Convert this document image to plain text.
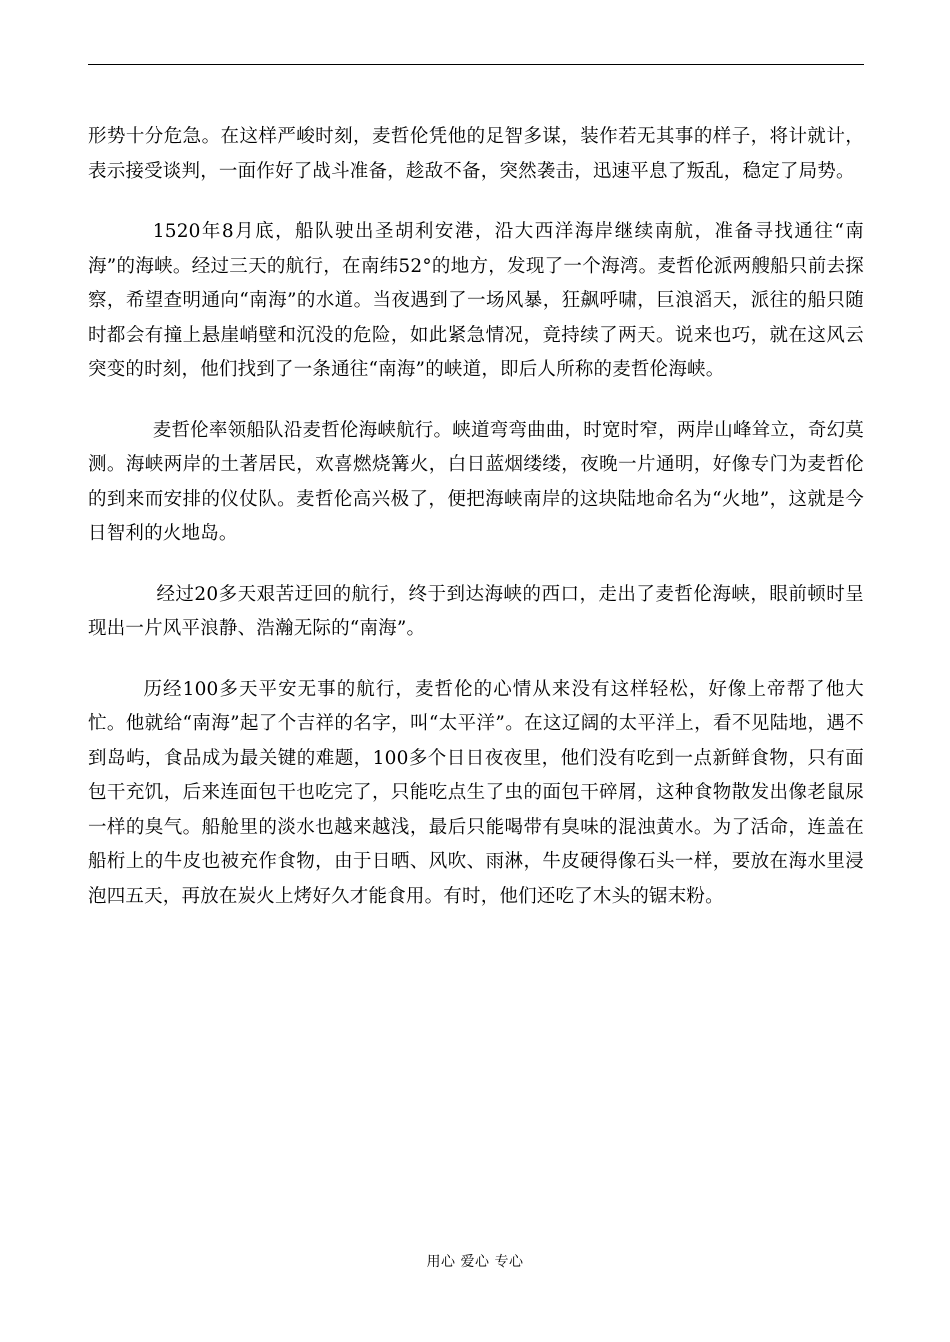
形势十分危急。在这样严峻时刻，麦哲伦凭他的足智多谋，装作若无其事的样子，将计就计，表示接受谈判，一面作好了战斗准备，趁敌不备，突然袭击，迅速平息了叛乱，稳定了局势。

1520年8月底，船队驶出圣胡利安港，沿大西洋海岸继续南航，准备寻找通往“南海”的海峡。经过三天的航行，在南纬52°的地方，发现了一个海湾。麦哲伦派两艘船只前去探察，希望查明通向“南海”的水道。当夜遇到了一场风暴，狂飙呼啸，巨浪滔天，派往的船只随时都会有撞上悬崖峭壁和沉没的危险，如此紧急情况，竟持续了两天。说来也巧，就在这风云突变的时刻，他们找到了一条通往“南海”的峡道，即后人所称的麦哲伦海峡。

麦哲伦率领船队沿麦哲伦海峡航行。峡道弯弯曲曲，时宽时窄，两岸山峰耸立，奇幻莫测。海峡两岸的土著居民，欢喜燃烧篝火，白日蓝烟缕缕，夜晚一片通明，好像专门为麦哲伦的到来而安排的仪仗队。麦哲伦高兴极了，便把海峡南岸的这块陆地命名为“火地”，这就是今日智利的火地岛。

经过20多天艰苦迂回的航行，终于到达海峡的西口，走出了麦哲伦海峡，眼前顿时呈现出一片风平浪静、浩瀚无际的“南海”。

历经100多天平安无事的航行，麦哲伦的心情从来没有这样轻松，好像上帝帮了他大忙。他就给“南海”起了个吉祥的名字，叫“太平洋”。在这辽阔的太平洋上，看不见陆地，遇不到岛屿，食品成为最关键的难题，100多个日日夜夜里，他们没有吃到一点新鲜食物，只有面包干充饥，后来连面包干也吃完了，只能吃点生了虫的面包干碎屑，这种食物散发出像老鼠尿一样的臭气。船舱里的淡水也越来越浅，最后只能喝带有臭味的混浊黄水。为了活命，连盖在船桁上的牛皮也被充作食物，由于日晒、风吹、雨淋，牛皮硬得像石头一样，要放在海水里浸泡四五天，再放在炭火上烤好久才能食用。有时，他们还吃了木头的锯末粉。

用心 爱心 专心
